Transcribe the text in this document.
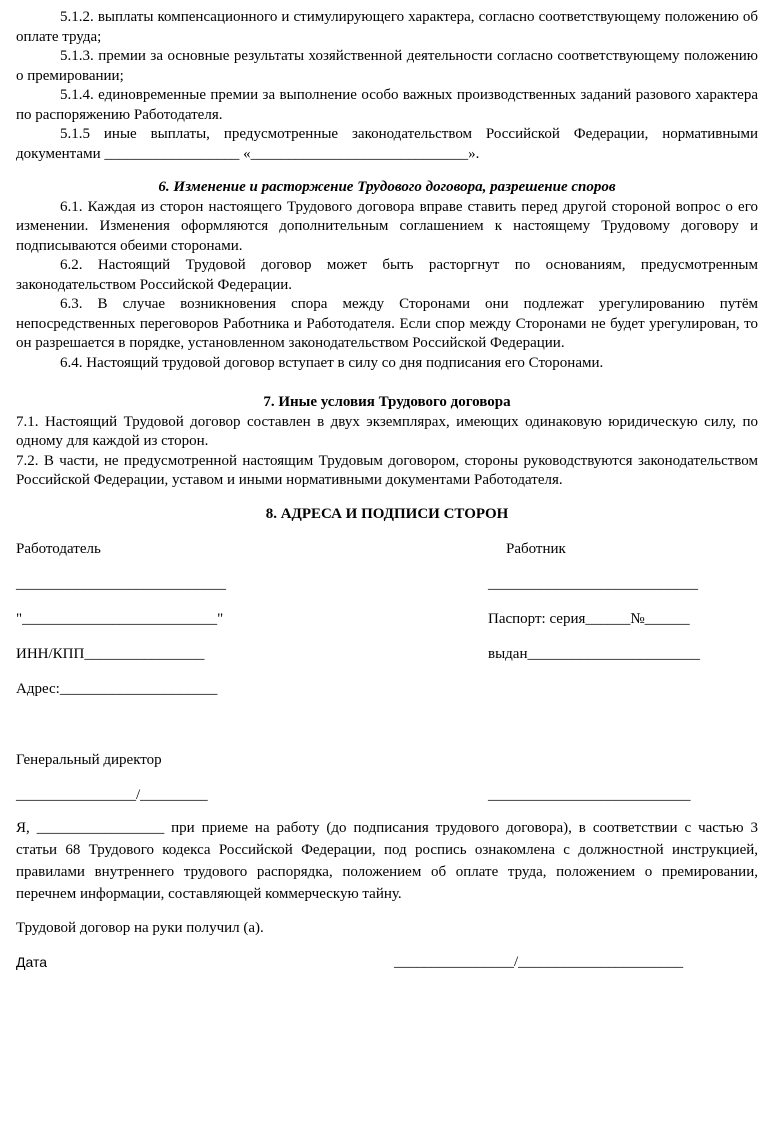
5.1.2. выплаты компенсационного и стимулирующего характера, согласно соответствующему положению об оплате труда;

5.1.3. премии за основные результаты хозяйственной деятельности согласно соответствующему положению о премировании;

5.1.4. единовременные премии за выполнение особо важных производственных заданий разового характера по распоряжению Работодателя.

5.1.5 иные выплаты, предусмотренные законодательством Российской Федерации, нормативными документами __________________ «_____________________________».

6. Изменение и расторжение Трудового договора, разрешение споров

6.1. Каждая из сторон настоящего Трудового договора вправе ставить перед другой стороной вопрос о его изменении. Изменения оформляются дополнительным соглашением к настоящему Трудовому договору и подписываются обеими сторонами.

6.2. Настоящий Трудовой договор может быть расторгнут по основаниям, предусмотренным законодательством Российской Федерации.

6.3. В случае возникновения спора между Сторонами они подлежат урегулированию путём непосредственных переговоров Работника и Работодателя. Если спор между Сторонами не будет урегулирован, то он разрешается в порядке, установленном законодательством Российской Федерации.

6.4. Настоящий трудовой договор вступает в силу со дня подписания его Сторонами.

7. Иные условия Трудового договора

7.1. Настоящий Трудовой договор составлен в двух экземплярах, имеющих одинаковую юридическую силу, по одному для каждой из сторон.

7.2. В части, не предусмотренной настоящим Трудовым договором, стороны руководствуются законодательством Российской Федерации, уставом и иными нормативными документами Работодателя.

8. АДРЕСА И ПОДПИСИ СТОРОН

Работодатель	Работник
____________________________	____________________________
"__________________________"	Паспорт: серия______№______
ИНН/КПП________________	выдан_______________________
Адрес:_____________________
Генеральный директор
________________/_________	___________________________

Я, _________________ при приеме на работу (до подписания трудового договора), в соответствии с частью 3 статьи 68 Трудового кодекса Российской Федерации, под роспись ознакомлена с должностной инструкцией, правилами внутреннего трудового распорядка, положением об оплате труда, положением о премировании, перечнем информации, составляющей коммерческую тайну.

Трудовой договор на руки получил (а).

Дата	________________/______________________
